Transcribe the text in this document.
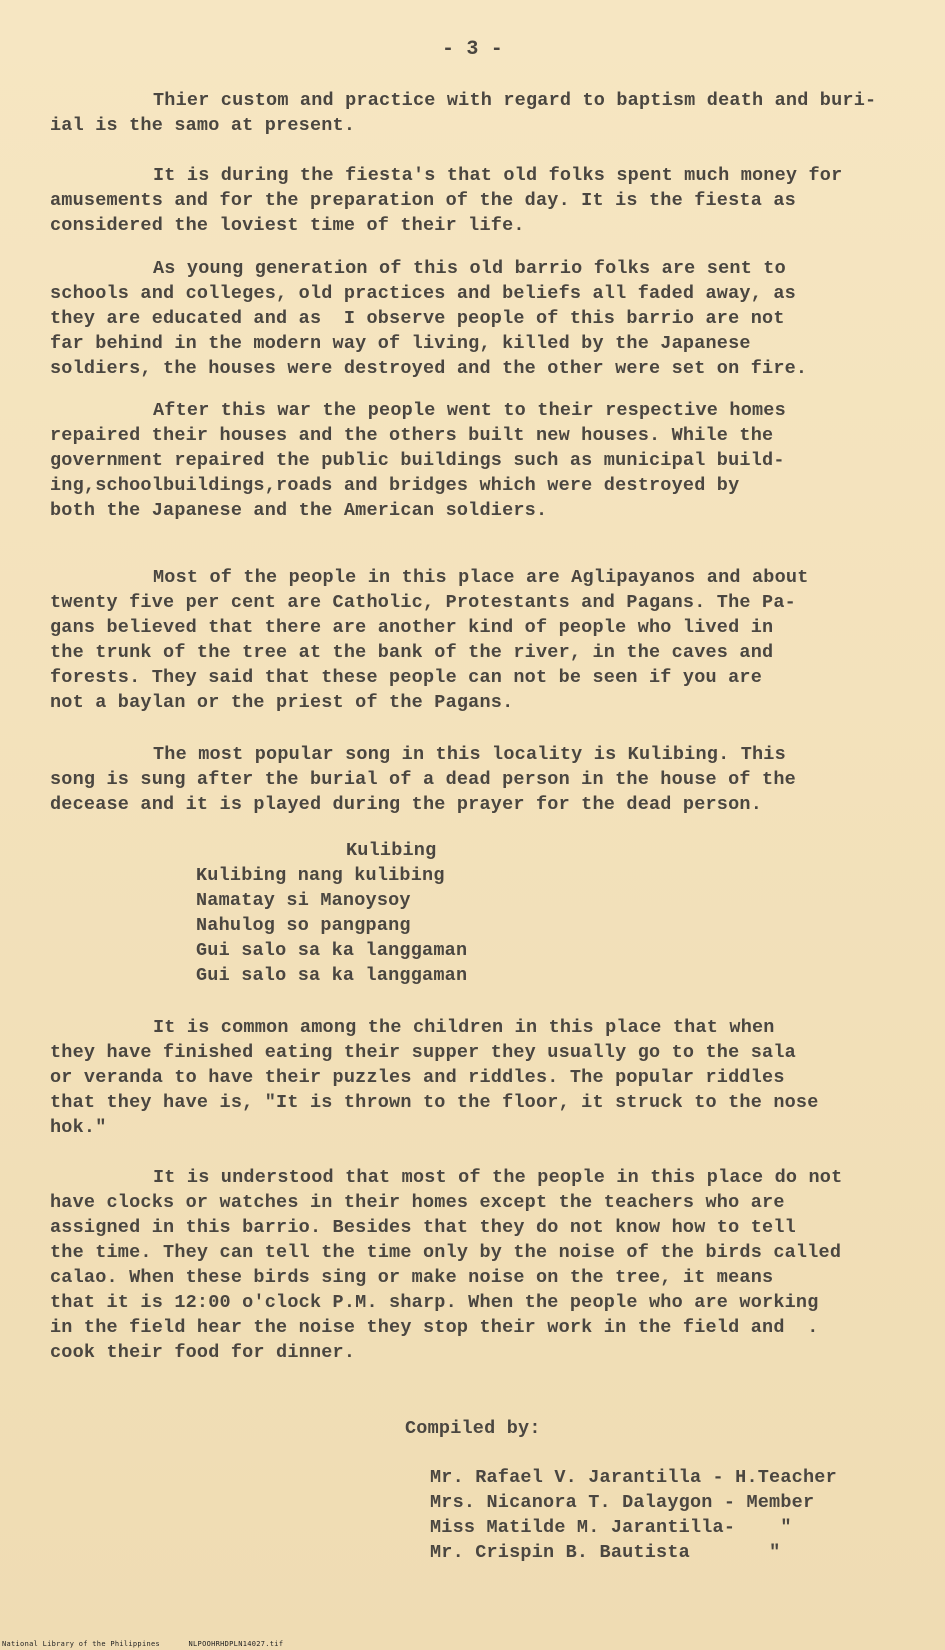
- 3 -
Thier custom and practice with regard to baptism death and buri-
ial is the samo at present.
It is during the fiesta's that old folks spent much money for
amusements and for the preparation of the day. It is the fiesta as
considered the loviest time of their life.
As young generation of this old barrio folks are sent to
schools and colleges, old practices and beliefs all faded away, as
they are educated and as  I observe people of this barrio are not
far behind in the modern way of living, killed by the Japanese
soldiers, the houses were destroyed and the other were set on fire.
After this war the people went to their respective homes
repaired their houses and the others built new houses. While the
government repaired the public buildings such as municipal build-
ing,schoolbuildings,roads and bridges which were destroyed by
both the Japanese and the American soldiers.
Most of the people in this place are Aglipayanos and about
twenty five per cent are Catholic, Protestants and Pagans. The Pa-
gans believed that there are another kind of people who lived in
the trunk of the tree at the bank of the river, in the caves and
forests. They said that these people can not be seen if you are
not a baylan or the priest of the Pagans.
The most popular song in this locality is Kulibing. This
song is sung after the burial of a dead person in the house of the
decease and it is played during the prayer for the dead person.
Kulibing
Kulibing nang kulibing
Namatay si Manoysoy
Nahulog so pangpang
Gui salo sa ka langgaman
Gui salo sa ka langgaman
It is common among the children in this place that when
they have finished eating their supper they usually go to the sala
or veranda to have their puzzles and riddles. The popular riddles
that they have is, "It is thrown to the floor, it struck to the nose
hok."
It is understood that most of the people in this place do not
have clocks or watches in their homes except the teachers who are
assigned in this barrio. Besides that they do not know how to tell
the time. They can tell the time only by the noise of the birds called
calao. When these birds sing or make noise on the tree, it means
that it is 12:00 o'clock P.M. sharp. When the people who are working
in the field hear the noise they stop their work in the field and  .
cook their food for dinner.
Compiled by:
Mr. Rafael V. Jarantilla - H.Teacher
Mrs. Nicanora T. Dalaygon - Member
Miss Matilde M. Jarantilla- "
Mr. Crispin B. Bautista "
National Library of the Philippines	NLPOOHRHDPLN14027.tif
